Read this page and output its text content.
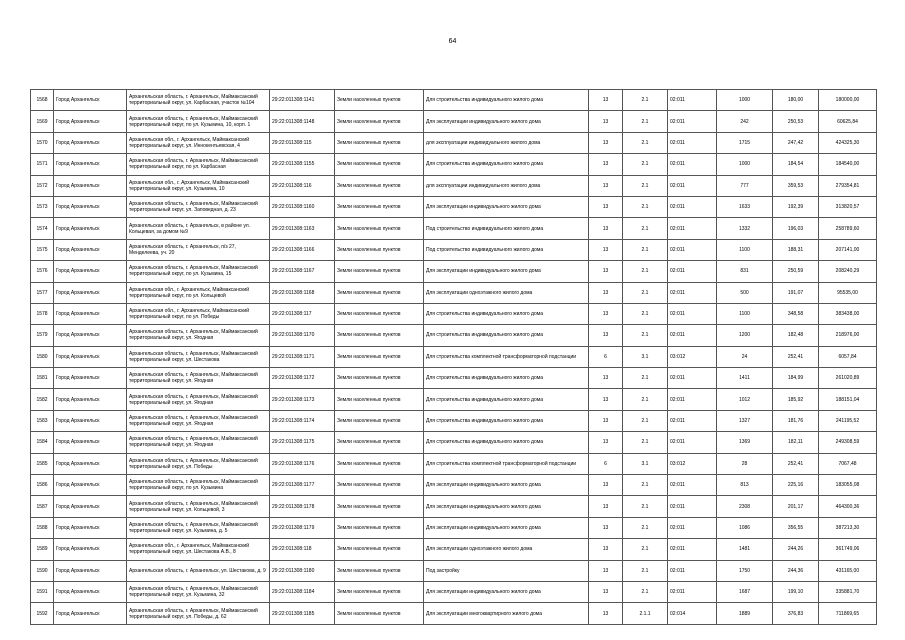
64
1568	Город Архангельск	Архангельская область, г. Архангельск, Маймаксанский территориальный округ, ул. Карбасная, участок №104	29:22:011308:1141	Земли населенных пунктов	Для строительства индивидуального жилого дома	13	2.1	02:011	1000	180,00	180000,00
1569	Город Архангельск	Архангельская область, г. Архангельск, Маймаксанский территориальный округ, по ул. Кузьмина, 10, корп. 1	29:22:011308:1148	Земли населенных пунктов	Для эксплуатации индивидуального жилого дома	13	2.1	02:011	242	250,53	60625,84
1570	Город Архангельск	Архангельская обл., г. Архангельск, Маймаксанский территориальный округ, ул. Иннокентьевская, 4	29:22:011308:115	Земли населенных пунктов	для эксплуатации индивидуального жилого дома	13	2.1	02:011	1715	247,42	424325,30
1571	Город Архангельск	Архангельская область, г. Архангельск, Маймаксанский территориальный округ, по ул. Карбасная	29:22:011308:1155	Земли населенных пунктов	Для строительства индивидуального жилого дома	13	2.1	02:011	1000	184,54	184540,00
1572	Город Архангельск	Архангельская обл., г. Архангельск, Маймаксанский территориальный округ, ул. Кузьмина, 10	29:22:011308:116	Земли населенных пунктов	для эксплуатации индивидуального жилого дома	13	2.1	02:011	777	359,53	279354,81
1573	Город Архангельск	Архангельская область, г. Архангельск, Маймаксанский территориальный округ, ул. Заповедная, д. 23	29:22:011308:1160	Земли населенных пунктов	Для эксплуатации индивидуального жилого дома	13	2.1	02:011	1633	192,39	313820,57
1574	Город Архангельск	Архангельская область, г. Архангельск, в районе ул. Кольцевая, за домом №9	29:22:011308:1163	Земли населенных пунктов	Под строительство индивидуального жилого дома	13	2.1	02:011	1332	196,03	258789,60
1575	Город Архангельск	Архангельская область, г. Архангельск, п/з 27, Менделеева, уч. 20	29:22:011308:1166	Земли населенных пунктов	Под строительство индивидуального жилого дома	13	2.1	02:011	1100	188,31	207141,00
1576	Город Архангельск	Архангельская область, г. Архангельск, Маймаксанский территориальный округ, по ул. Кузьмина, 15	29:22:011308:1167	Земли населенных пунктов	Для эксплуатации индивидуального жилого дома	13	2.1	02:011	831	250,59	208240,29
1577	Город Архангельск	Архангельская обл., г. Архангельск, Маймаксанский территориальный округ, по ул. Кольцевой	29:22:011308:1168	Земли населенных пунктов	Для эксплуатации одноэтажного жилого дома	13	2.1	02:011	500	191,07	95535,00
1578	Город Архангельск	Архангельская обл., г. Архангельск, Маймаксанский территориальный округ, по ул. Победы	29:22:011308:117	Земли населенных пунктов	Для строительства индивидуального жилого дома	13	2.1	02:011	1100	348,58	383438,00
1579	Город Архангельск	Архангельская область, г. Архангельск, Маймаксанский территориальный округ, ул. Ягодная	29:22:011308:1170	Земли населенных пунктов	Для строительства индивидуального жилого дома	13	2.1	02:011	1200	182,48	218976,00
1580	Город Архангельск	Архангельская область, г. Архангельск, Маймаксанский территориальный округ, ул. Шестакова	29:22:011308:1171	Земли населенных пунктов	Для строительства комплектной трансформаторной подстанции	6	3.1	03:012	24	252,41	6057,84
1581	Город Архангельск	Архангельская область, г. Архангельск, Маймаксанский территориальный округ, ул. Ягодная	29:22:011308:1172	Земли населенных пунктов	Для строительства индивидуального жилого дома	13	2.1	02:011	1411	184,99	261020,89
1582	Город Архангельск	Архангельская область, г. Архангельск, Маймаксанский территориальный округ, ул. Ягодная	29:22:011308:1173	Земли населенных пунктов	Для строительства индивидуального жилого дома	13	2.1	02:011	1012	185,92	188151,04
1583	Город Архангельск	Архангельская область, г. Архангельск, Маймаксанский территориальный округ, ул. Ягодная	29:22:011308:1174	Земли населенных пунктов	Для строительства индивидуального жилого дома	13	2.1	02:011	1327	181,76	241195,52
1584	Город Архангельск	Архангельская область, г. Архангельск, Маймаксанский территориальный округ, ул. Ягодная	29:22:011308:1175	Земли населенных пунктов	Для строительства индивидуального жилого дома	13	2.1	02:011	1369	182,11	249308,59
1585	Город Архангельск	Архангельская область, г. Архангельск, Маймаксанский территориальный округ, ул. Победы	29:22:011308:1176	Земли населенных пунктов	Для строительства комплектной трансформаторной подстанции	6	3.1	03:012	28	252,41	7067,48
1586	Город Архангельск	Архангельская область, г. Архангельск, Маймаксанский территориальный округ, по ул. Кузьмина	29:22:011308:1177	Земли населенных пунктов	Для эксплуатации индивидуального жилого дома	13	2.1	02:011	813	225,16	183055,08
1587	Город Архангельск	Архангельская область, г. Архангельск, Маймаксанский территориальный округ, ул. Кольцевой, 3	29:22:011308:1178	Земли населенных пунктов	Для эксплуатации индивидуального жилого дома	13	2.1	02:011	2308	201,17	464300,36
1588	Город Архангельск	Архангельская область, г. Архангельск, Маймаксанский территориальный округ, ул. Кузьмина, д. 5	29:22:011308:1179	Земли населенных пунктов	Для эксплуатации индивидуального жилого дома	13	2.1	02:011	1086	356,55	387213,30
1589	Город Архангельск	Архангельская обл., г. Архангельск, Маймаксанский территориальный округ, ул. Шестакова А.В., 8	29:22:011308:118	Земли населенных пунктов	Для эксплуатации одноэтажного жилого дома	13	2.1	02:011	1481	244,26	361749,06
1590	Город Архангельск	Архангельская область, г. Архангельск, ул. Шестакова, д. 9	29:22:011308:1180	Земли населенных пунктов	Под застройку	13	2.1	02:011	1750	244,36	431165,00
1591	Город Архангельск	Архангельская область, г. Архангельск, Маймаксанский территориальный округ, ул. Кузьмина, 32	29:22:011308:1184	Земли населенных пунктов	Для эксплуатации индивидуального жилого дома	13	2.1	02:011	1687	199,10	335881,70
1592	Город Архангельск	Архангельская область, г. Архангельск, Маймаксанский территориальный округ, ул. Победы, д. 62	29:22:011308:1185	Земли населенных пунктов	Для эксплуатации многоквартирного жилого дома	13	2.1.1	02:014	1889	376,83	711869,65
